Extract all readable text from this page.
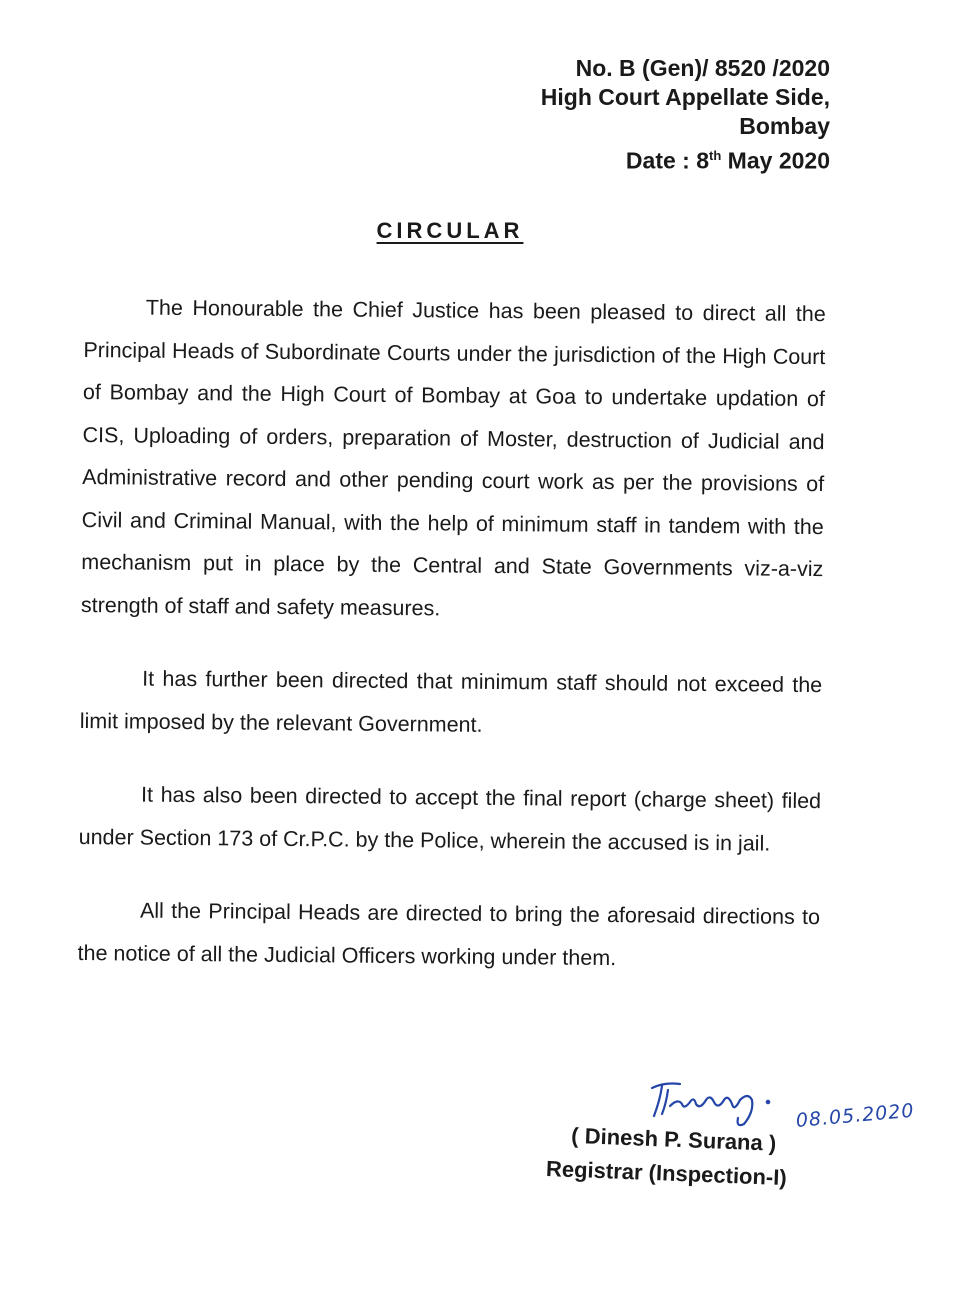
No. B (Gen)/ 8520 /2020
High Court Appellate Side,
Bombay
Date : 8th May 2020
CIRCULAR

The Honourable the Chief Justice has been pleased to direct all the Principal Heads of Subordinate Courts under the jurisdiction of the High Court of Bombay and the High Court of Bombay at Goa to undertake updation of CIS, Uploading of orders, preparation of Moster, destruction of Judicial and Administrative record and other pending court work as per the provisions of Civil and Criminal Manual, with the help of minimum staff in tandem with the mechanism put in place by the Central and State Governments viz-a-viz strength of staff and safety measures.

It has further been directed that minimum staff should not exceed the limit imposed by the relevant Government.

It has also been directed to accept the final report (charge sheet) filed under Section 173 of Cr.P.C. by the Police, wherein the accused is in jail.

All the Principal Heads are directed to bring the aforesaid directions to the notice of all the Judicial Officers working under them.

08.05.2020
( Dinesh P. Surana )
Registrar (Inspection-I)
